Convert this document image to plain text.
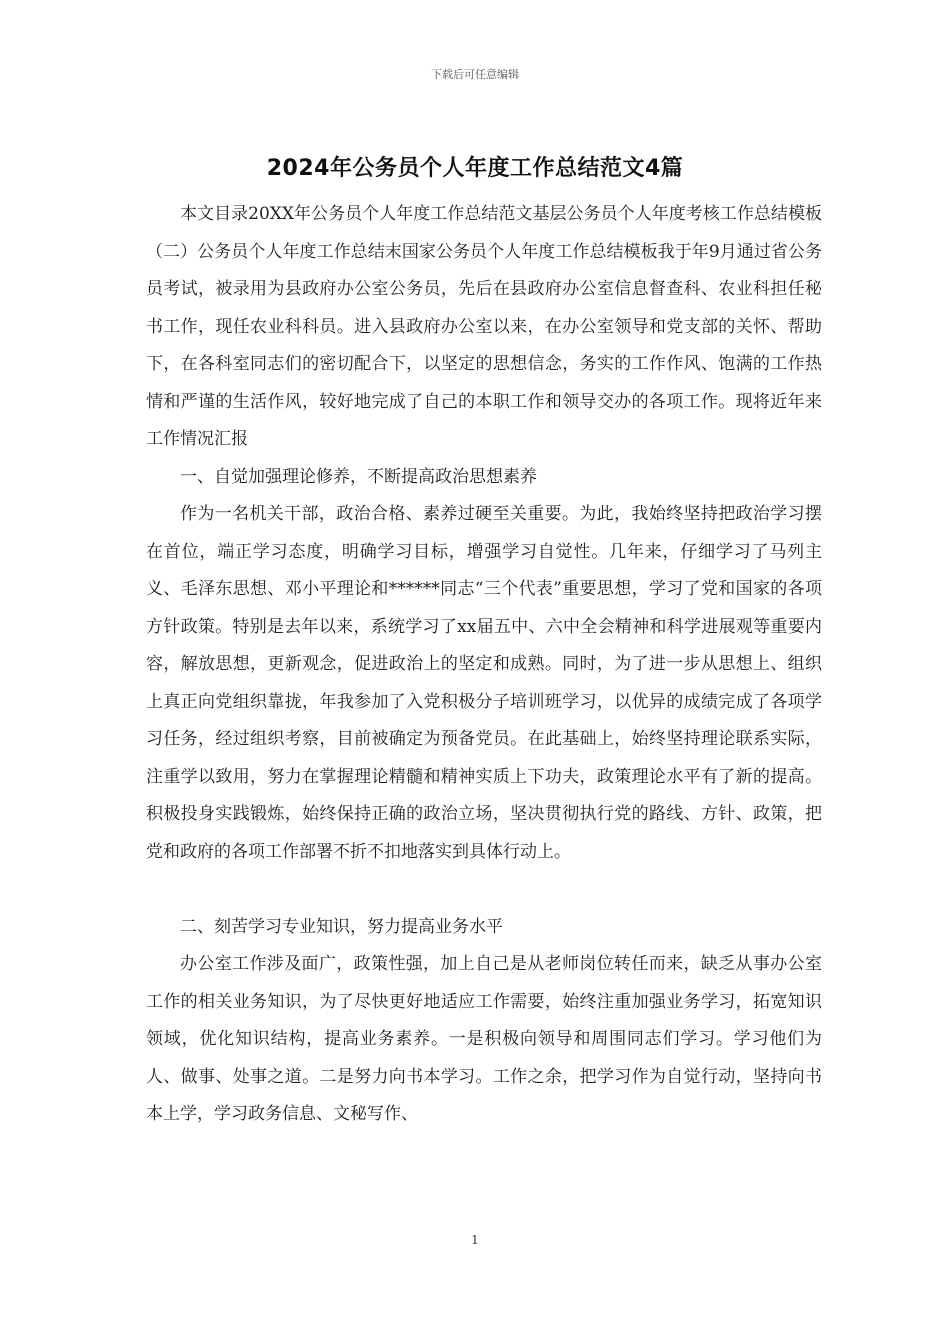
下载后可任意编辑
2024年公务员个人年度工作总结范文4篇

本文目录20XX年公务员个人年度工作总结范文基层公务员个人年度考核工作总结模板（二）公务员个人年度工作总结末国家公务员个人年度工作总结模板我于年9月通过省公务员考试，被录用为县政府办公室公务员，先后在县政府办公室信息督查科、农业科担任秘书工作，现任农业科科员。进入县政府办公室以来，在办公室领导和党支部的关怀、帮助下，在各科室同志们的密切配合下，以坚定的思想信念，务实的工作作风、饱满的工作热情和严谨的生活作风，较好地完成了自己的本职工作和领导交办的各项工作。现将近年来工作情况汇报

一、自觉加强理论修养，不断提高政治思想素养

作为一名机关干部，政治合格、素养过硬至关重要。为此，我始终坚持把政治学习摆在首位，端正学习态度，明确学习目标，增强学习自觉性。几年来，仔细学习了马列主义、毛泽东思想、邓小平理论和******同志“三个代表”重要思想，学习了党和国家的各项方针政策。特别是去年以来，系统学习了xx届五中、六中全会精神和科学进展观等重要内容，解放思想，更新观念，促进政治上的坚定和成熟。同时，为了进一步从思想上、组织上真正向党组织靠拢，年我参加了入党积极分子培训班学习，以优异的成绩完成了各项学习任务，经过组织考察，目前被确定为预备党员。在此基础上，始终坚持理论联系实际，注重学以致用，努力在掌握理论精髓和精神实质上下功夫，政策理论水平有了新的提高。积极投身实践锻炼，始终保持正确的政治立场，坚决贯彻执行党的路线、方针、政策，把党和政府的各项工作部署不折不扣地落实到具体行动上。

二、刻苦学习专业知识，努力提高业务水平

办公室工作涉及面广，政策性强，加上自己是从老师岗位转任而来，缺乏从事办公室工作的相关业务知识，为了尽快更好地适应工作需要，始终注重加强业务学习，拓宽知识领域，优化知识结构，提高业务素养。一是积极向领导和周围同志们学习。学习他们为人、做事、处事之道。二是努力向书本学习。工作之余，把学习作为自觉行动，坚持向书本上学，学习政务信息、文秘写作、

1
